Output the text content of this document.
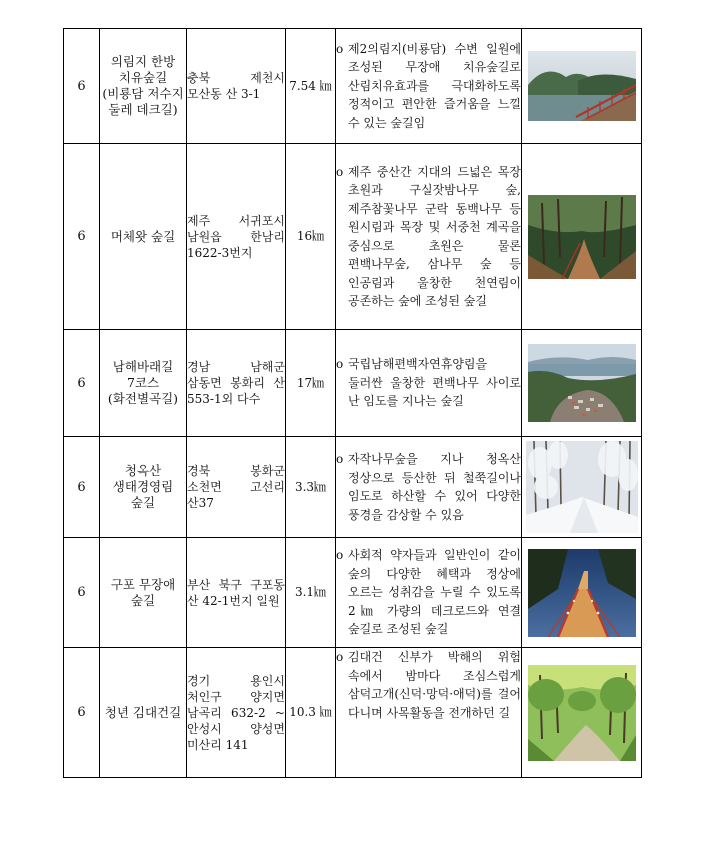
6	의림지 한방 치유숲길 (비룡담 저수지 둘레 데크길)	충북 제천시 모산동 산 3-1	7.54 ㎞	o 제2의림지(비룡담) 수변 일원에 조성된 무장애 치유숲길로 산림치유효과를 극대화하도록 정적이고 편안한 즐거움을 느낄 수 있는 숲길임

6	머체왓 숲길	제주 서귀포시 남원읍 한남리 1622-3번지	16㎞	o 제주 중산간 지대의 드넓은 목장 초원과 구실잣밤나무 숲, 제주참꽃나무 군락 동백나무 등 원시림과 목장 및 서중천 계곡을 중심으로 초원은 물론 편백나무숲, 삼나무 숲 등 인공림과 울창한 천연림이 공존하는 숲에 조성된 숲길

6	남해바래길 7코스(화전별곡길)	경남 남해군 삼동면 봉화리 산 553-1외 다수	17㎞	o 국립남해편백자연휴양림을 둘러싼 울창한 편백나무 사이로 난 임도를 지나는 숲길

6	청옥산 생태경영림 숲길	경북 봉화군 소천면 고선리 산37	3.3㎞	o 자작나무숲을 지나 청옥산 정상으로 등산한 뒤 철쭉길이나 임도로 하산할 수 있어 다양한 풍경을 감상할 수 있음

6	구포 무장애 숲길	부산 북구 구포동 산 42-1번지 일원	3.1㎞	o 사회적 약자들과 일반인이 같이 숲의 다양한 혜택과 정상에 오르는 성취감을 누릴 수 있도록 2㎞ 가량의 데크로드와 연결 숲길로 조성된 숲길

6	청년 김대건길	경기 용인시 처인구 양지면 남곡리 632-2 ~ 안성시 양성면 미산리 141	10.3 ㎞	o 김대건 신부가 박해의 위험 속에서 밤마다 조심스럽게 삼덕고개(신덕·망덕·애덕)를 걸어 다니며 사목활동을 전개하던 길
